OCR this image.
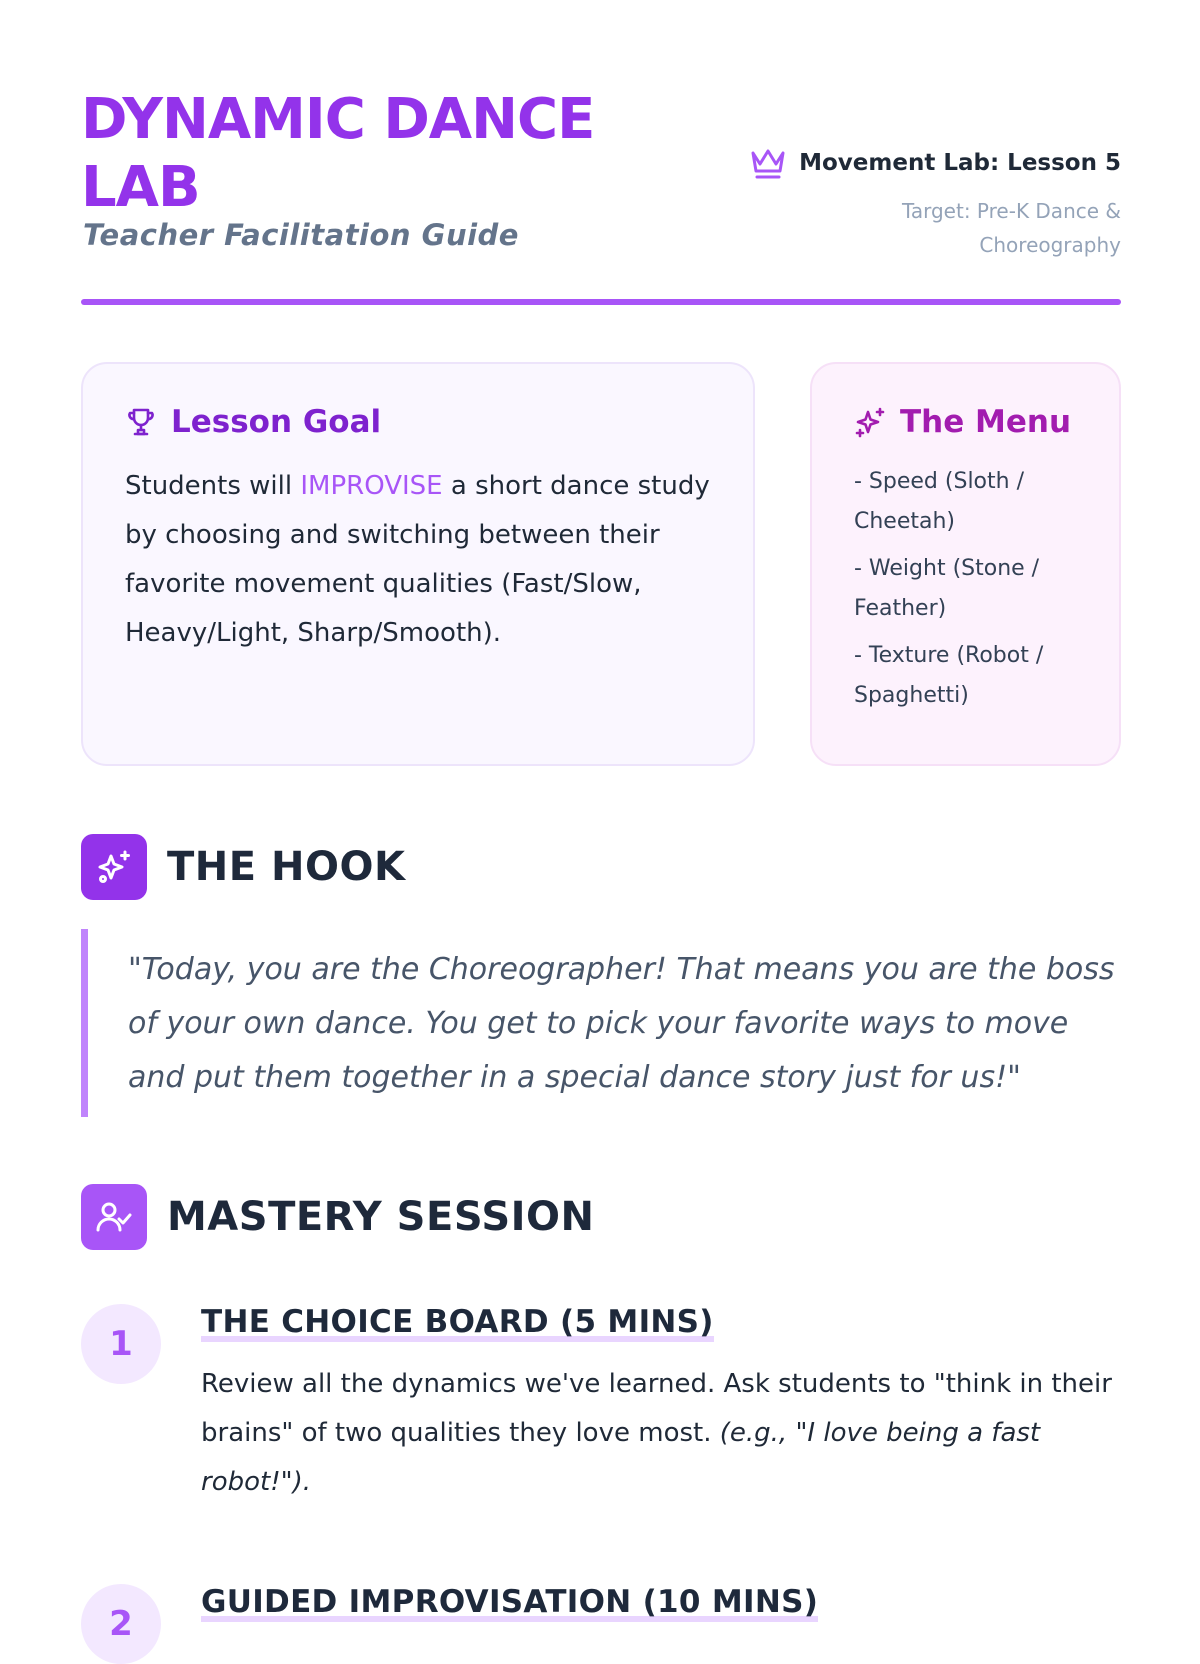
DYNAMIC DANCE LAB
Teacher Facilitation Guide
Movement Lab: Lesson 5
Target: Pre-K Dance & Choreography
Lesson Goal

Students will IMPROVISE a short dance study by choosing and switching between their favorite movement qualities (Fast/Slow, Heavy/Light, Sharp/Smooth).

The Menu
- Speed (Sloth / Cheetah)
- Weight (Stone / Feather)
- Texture (Robot / Spaghetti)
THE HOOK
"Today, you are the Choreographer! That means you are the boss of your own dance. You get to pick your favorite ways to move and put them together in a special dance story just for us!"
MASTERY SESSION
1
THE CHOICE BOARD (5 MINS)

Review all the dynamics we've learned. Ask students to "think in their brains" of two qualities they love most. (e.g., "I love being a fast robot!").

2
GUIDED IMPROVISATION (10 MINS)
